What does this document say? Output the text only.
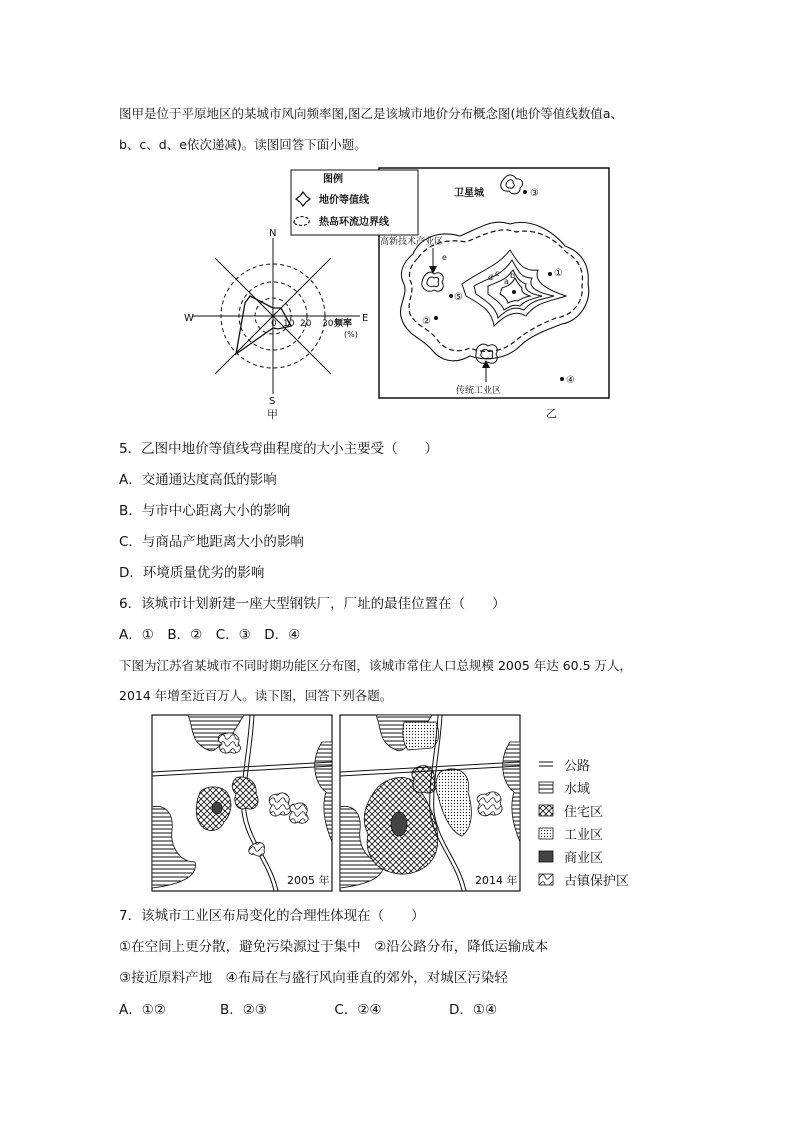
图甲是位于平原地区的某城市风向频率图,图乙是该城市地价分布概念图(地价等值线数值a、
b、c、d、e依次递减)。读图回答下面小题。
N
S
E
W	0 10 20 30 频率
(%)
甲
图例
地价等值线
热岛环流边界线
卫星城	③
a
b
c
d
e
高新技术产业区
⑤
②
①
传统工业区
④
乙
5．乙图中地价等值线弯曲程度的大小主要受（　　）
A．交通通达度高低的影响
B．与市中心距离大小的影响
C．与商品产地距离大小的影响
D．环境质量优劣的影响
6．该城市计划新建一座大型钢铁厂，厂址的最佳位置在（　　）
A．①　B．②　C．③　D．④
下图为江苏省某城市不同时期功能区分布图，该城市常住人口总规模 2005 年达 60.5 万人，
2014 年增至近百万人。读下图，回答下列各题。
2005 年	2014 年
公路
水域
住宅区
工业区
商业区
古镇保护区
7．该城市工业区布局变化的合理性体现在（　　）
①在空间上更分散，避免污染源过于集中　②沿公路分布，降低运输成本
③接近原料产地　④布局在与盛行风向垂直的郊外，对城区污染轻
A．①②　　　　B．②③　　　　　C．②④　　　　　D．①④
